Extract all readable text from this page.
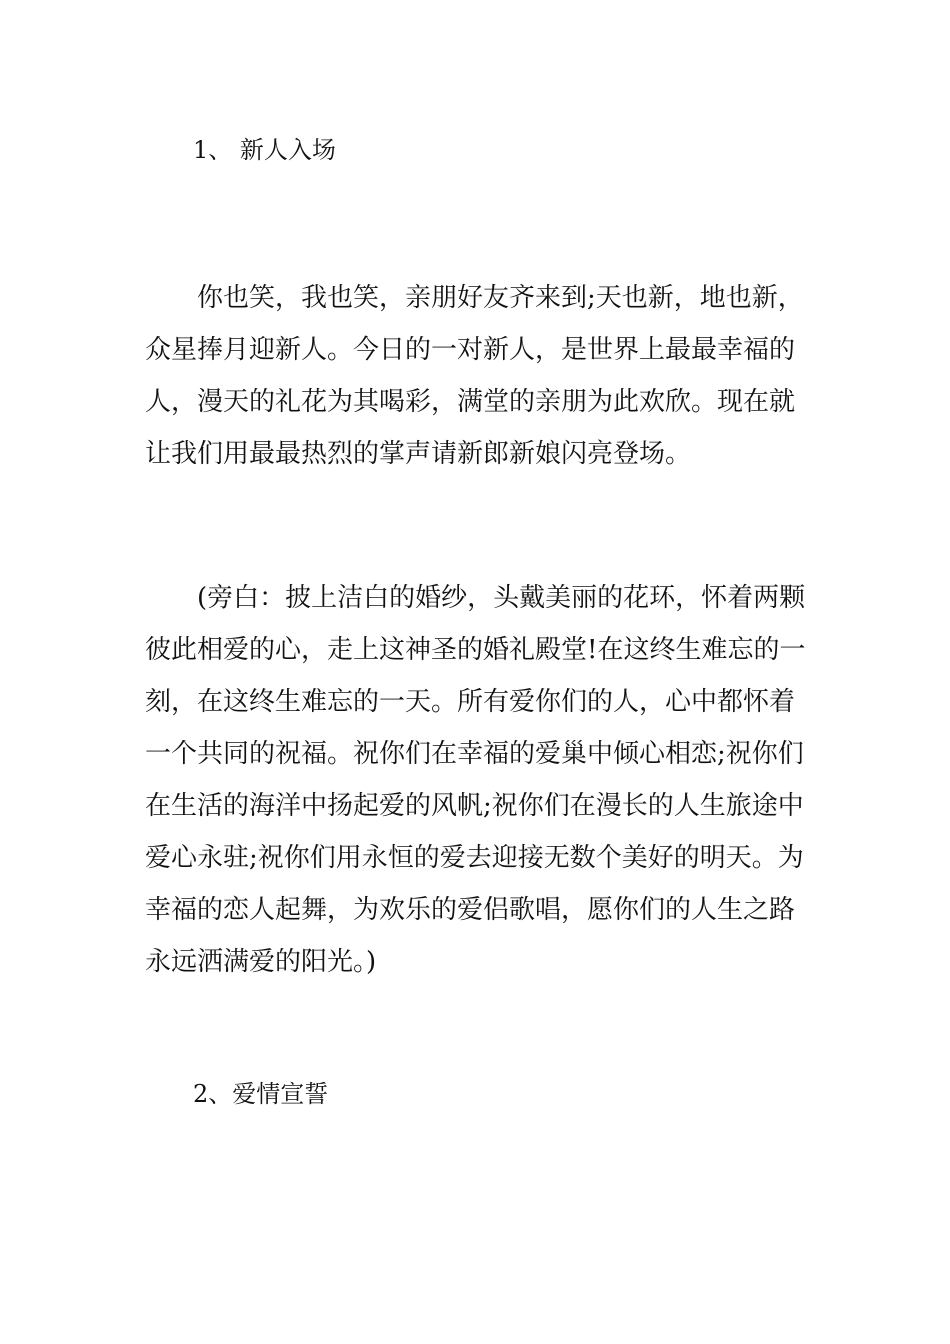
1、 新人入场
你也笑，我也笑，亲朋好友齐来到;天也新，地也新，
众星捧月迎新人。今日的一对新人，是世界上最最幸福的
人，漫天的礼花为其喝彩，满堂的亲朋为此欢欣。现在就
让我们用最最热烈的掌声请新郎新娘闪亮登场。
(旁白：披上洁白的婚纱，头戴美丽的花环，怀着两颗
彼此相爱的心，走上这神圣的婚礼殿堂!在这终生难忘的一
刻，在这终生难忘的一天。所有爱你们的人，心中都怀着
一个共同的祝福。祝你们在幸福的爱巢中倾心相恋;祝你们
在生活的海洋中扬起爱的风帆;祝你们在漫长的人生旅途中
爱心永驻;祝你们用永恒的爱去迎接无数个美好的明天。为
幸福的恋人起舞，为欢乐的爱侣歌唱，愿你们的人生之路
永远洒满爱的阳光。)
2、爱情宣誓
